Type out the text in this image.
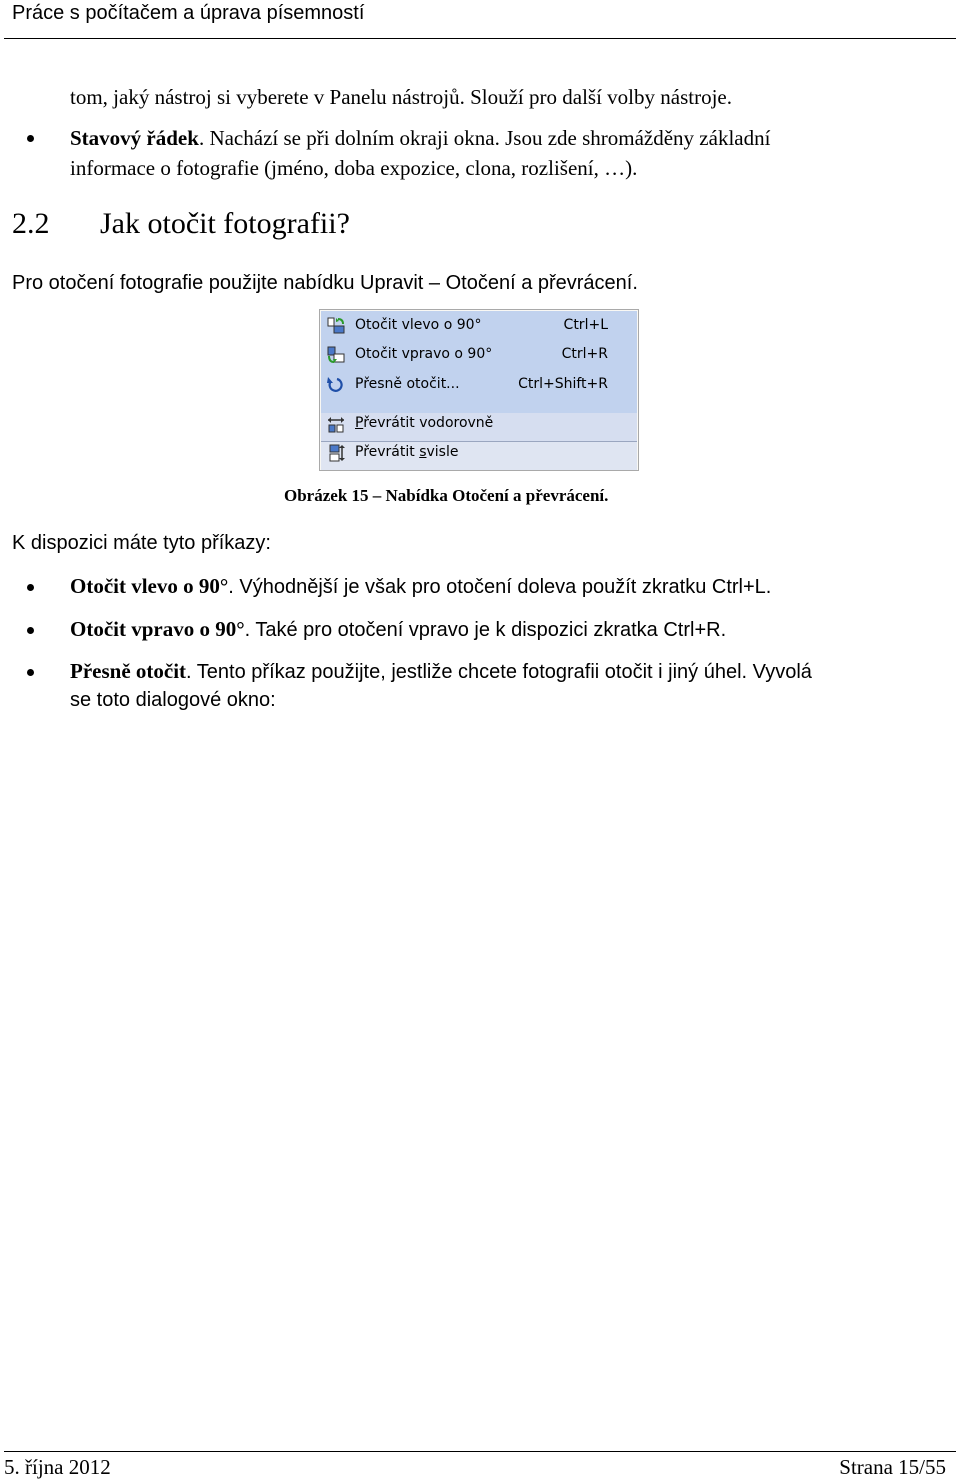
Práce s počítačem a úprava písemností
tom, jaký nástroj si vyberete v Panelu nástrojů. Slouží pro další volby nástroje.
Stavový řádek. Nachází se při dolním okraji okna. Jsou zde shromážděny základní
informace o fotografie (jméno, doba expozice, clona, rozlišení, …).
2.2 Jak otočit fotografii?
Pro otočení fotografie použijte nabídku Upravit – Otočení a převrácení.
Otočit vlevo o 90°	Ctrl+L
Otočit vpravo o 90°	Ctrl+R
Přesně otočit...	Ctrl+Shift+R
Převrátit vodorovně
Převrátit svisle
Obrázek 15 – Nabídka Otočení a převrácení.
K dispozici máte tyto příkazy:
Otočit vlevo o 90°. Výhodnější je však pro otočení doleva použít zkratku Ctrl+L.
Otočit vpravo o 90°. Také pro otočení vpravo je k dispozici zkratka Ctrl+R.
Přesně otočit. Tento příkaz použijte, jestliže chcete fotografii otočit i jiný úhel. Vyvolá
se toto dialogové okno:
5. října 2012	Strana 15/55
